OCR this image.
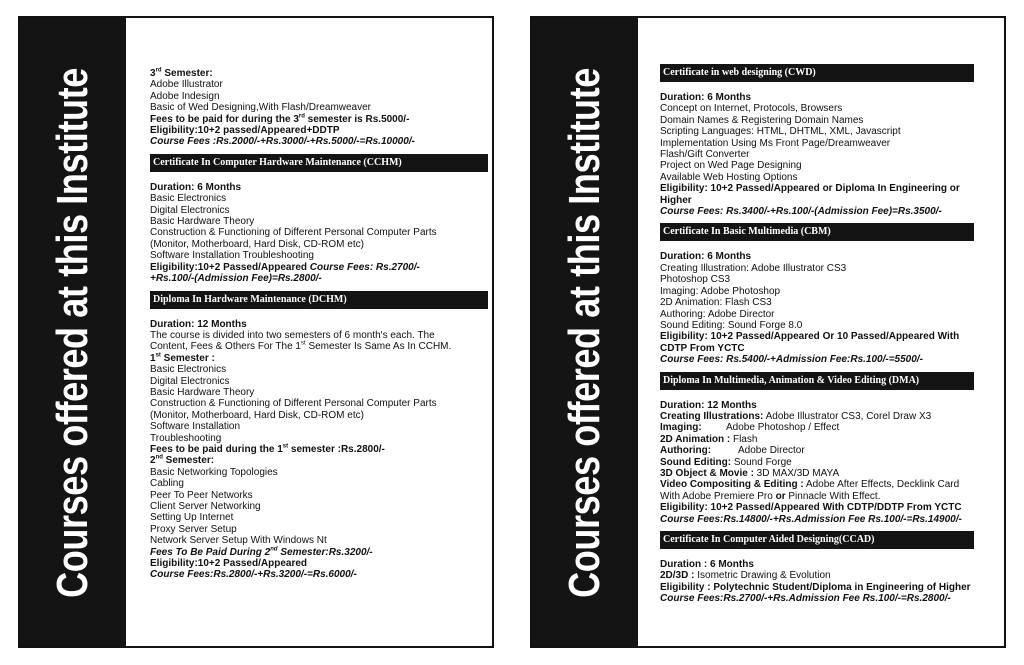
Courses offered at this Institute	3rd Semester:
Adobe Illustrator
Adobe Indesign
Basic of Wed Designing,With Flash/Dreamweaver
Fees to be paid for during the 3rd semester is Rs.5000/-
Eligibility:10+2 passed/Appeared+DDTP
Course Fees :Rs.2000/-+Rs.3000/-+Rs.5000/-=Rs.10000/-
Certificate In Computer Hardware Maintenance (CCHM)
Duration: 6 Months
Basic Electronics
Digital Electronics
Basic Hardware Theory
Construction & Functioning of Different Personal Computer Parts
(Monitor, Motherboard, Hard Disk, CD-ROM etc)
Software Installation Troubleshooting
Eligibility:10+2 Passed/Appeared Course Fees: Rs.2700/-
+Rs.100/-(Admission Fee)=Rs.2800/-
Diploma In Hardware Maintenance (DCHM)
Duration: 12 Months
The course is divided into two semesters of 6 month's each. The
Content, Fees & Others For The 1st Semester Is Same As In CCHM.
1st Semester :
Basic Electronics
Digital Electronics
Basic Hardware Theory
Construction & Functioning of Different Personal Computer Parts
(Monitor, Motherboard, Hard Disk, CD-ROM etc)
Software Installation
Troubleshooting
Fees to be paid during the 1st semester :Rs.2800/-
2nd Semester:
Basic Networking Topologies
Cabling
Peer To Peer Networks
Client Server Networking
Setting Up Internet
Proxy Server Setup
Network Server Setup With Windows Nt
Fees To Be Paid During 2nd Semester:Rs.3200/-
Eligibility:10+2 Passed/Appeared
Course Fees:Rs.2800/-+Rs.3200/-=Rs.6000/-	Courses offered at this Institute	Certificate in web designing (CWD)
Duration: 6 Months
Concept on Internet, Protocols, Browsers
Domain Names & Registering Domain Names
Scripting Languages: HTML, DHTML, XML, Javascript
Implementation Using Ms Front Page/Dreamweaver
Flash/Gift Converter
Project on Wed Page Designing
Available Web Hosting Options
Eligibility: 10+2 Passed/Appeared or Diploma In Engineering or
Higher
Course Fees: Rs.3400/-+Rs.100/-(Admission Fee)=Rs.3500/-
Certificate In Basic Multimedia (CBM)
Duration: 6 Months
Creating Illustration: Adobe Illustrator CS3
Photoshop CS3
Imaging: Adobe Photoshop
2D Animation: Flash CS3
Authoring: Adobe Director
Sound Editing: Sound Forge 8.0
Eligibility: 10+2 Passed/Appeared Or 10 Passed/Appeared With
CDTP From YCTC
Course Fees: Rs.5400/-+Admission Fee:Rs.100/-=5500/-
Diploma In Multimedia, Animation & Video Editing (DMA)
Duration: 12 Months
Creating Illustrations: Adobe Illustrator CS3, Corel Draw X3
Imaging: Adobe Photoshop / Effect
2D Animation : Flash
Authoring:	Adobe Director
Sound Editing: Sound Forge
3D Object & Movie : 3D MAX/3D MAYA
Video Compositing & Editing : Adobe After Effects, Decklink Card
With Adobe Premiere Pro or Pinnacle With Effect.
Eligibility: 10+2 Passed/Appeared With CDTP/DDTP From YCTC
Course Fees:Rs.14800/-+Rs.Admission Fee Rs.100/-=Rs.14900/-
Certificate In Computer Aided Designing(CCAD)
Duration : 6 Months
2D/3D : Isometric Drawing & Evolution
Eligibility : Polytechnic Student/Diploma in Engineering of Higher
Course Fees:Rs.2700/-+Rs.Admission Fee Rs.100/-=Rs.2800/-
